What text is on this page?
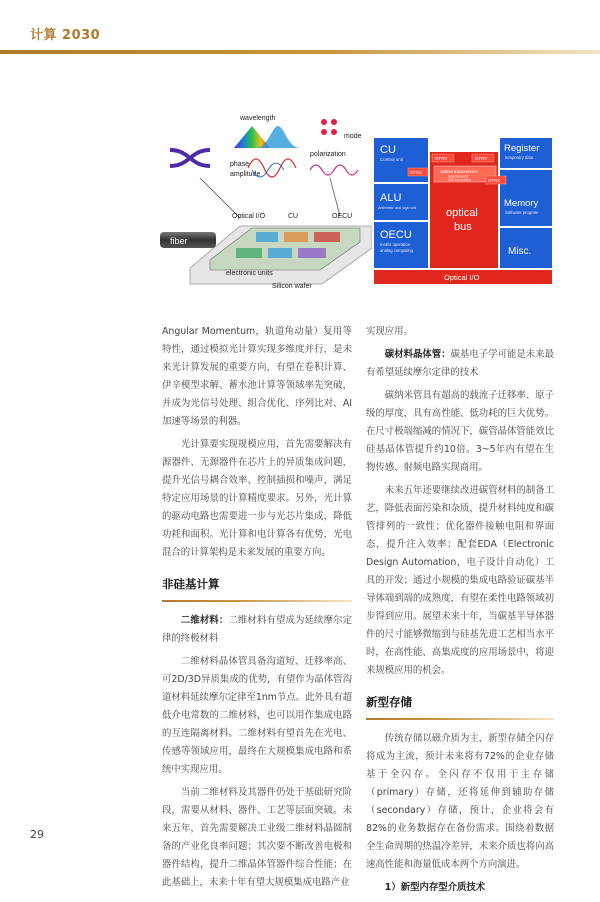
计算 2030
wavelength
mode
phase
amplitude
polarization
Optical I/O	CU	OECU
fiber
electronic units
Silicon wafer
CU
Control unit
ALU
Arithmetic and logic unit
OECU
matrix operation
analog computing
Register
temporary data
Memory
Software program
Misc.
optical transceivers
interconnects
O/E conversion
OTRX	OTRX
OTRX
OTRX
optical
bus
Optical I/O

Angular Momentum，轨道角动量）复用等特性，通过模拟光计算实现多维度并行，是未来光计算发展的重要方向，有望在卷积计算、伊辛模型求解、蓄水池计算等领域率先突破，并成为光信号处理、组合优化、序列比对、AI加速等场景的利器。

光计算要实现规模应用，首先需要解决有源器件、无源器件在芯片上的异质集成问题，提升光信号耦合效率、控制插损和噪声，满足特定应用场景的计算精度要求。另外，光计算的驱动电路也需要进一步与光芯片集成，降低功耗和面积。光计算和电计算各有优势，光电混合的计算架构是未来发展的重要方向。

非硅基计算

二维材料：二维材料有望成为延续摩尔定律的终极材料

二维材料晶体管具备沟道短、迁移率高、可2D/3D异质集成的优势，有望作为晶体管沟道材料延续摩尔定律至1nm节点。此外具有超低介电常数的二维材料，也可以用作集成电路的互连隔离材料。二维材料有望首先在光电、传感等领域应用，最终在大规模集成电路和系统中实现应用。

当前二维材料及其器件仍处于基础研究阶段，需要从材料、器件、工艺等层面突破。未来五年，首先需要解决工业级二维材料晶圆制备的产业化良率问题；其次要不断改善电极和器件结构，提升二维晶体管器件综合性能；在此基础上，未来十年有望大规模集成电路产业

实现应用。

碳材料晶体管：碳基电子学可能是未来最有希望延续摩尔定律的技术

碳纳米管具有超高的载流子迁移率、原子级的厚度，具有高性能、低功耗的巨大优势。在尺寸极端缩减的情况下，碳管晶体管能效比硅基晶体管提升约10倍。3~5年内有望在生物传感、射频电路实现商用。

未来五年还要继续改进碳管材料的制备工艺，降低表面污染和杂质，提升材料纯度和碳管排列的一致性；优化器件接触电阻和界面态，提升注入效率；配套EDA（Electronic Design Automation，电子设计自动化）工具的开发；通过小规模的集成电路验证碳基半导体端到端的成熟度，有望在柔性电路领域初步得到应用。展望未来十年，当碳基半导体器件的尺寸能够微缩到与硅基先进工艺相当水平时，在高性能、高集成度的应用场景中，将迎来规模应用的机会。

新型存储

传统存储以磁介质为主，新型存储全闪存将成为主流，预计未来将有72%的企业存储基于全闪存。全闪存不仅用于主存储（primary）存储，还将延伸到辅助存储（secondary）存储，预计，企业将会有82%的业务数据存在备份需求。围绕着数据全生命周期的热温冷差异，未来介质也将向高速高性能和海量低成本两个方向演进。

1）新型内存型介质技术

29
